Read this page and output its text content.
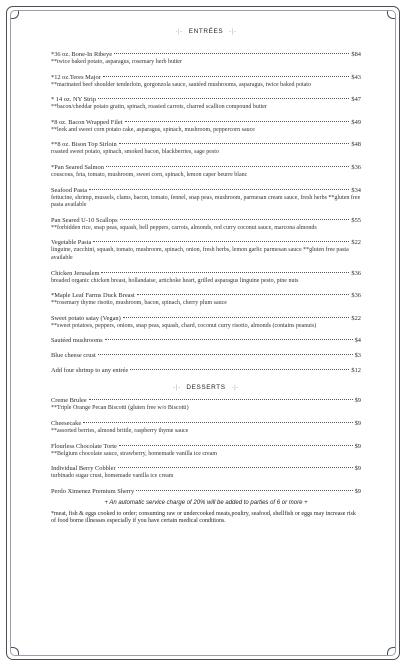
-|- ENTRÉES -|-
*36 oz. Bone-In Ribeye	$84
**twice baked potato, asparagus, rosemary herb butter
*12 oz.Teres Major	$43
**marinated beef shoulder tenderloin, gorgonzola sauce, sautéed mushrooms, asparagus, twice baked potato
* 14 oz. NY Strip	$47
**bacon/cheddar potato gratin, spinach, roasted carrots, charred scallion compound butter
*8 oz. Bacon Wrapped Filet	$49
**leek and sweet corn potato cake, asparagus, spinach, mushroom, peppercorn sauce
**8 oz. Bison Top Sirloin	$48
roasted sweet potato, spinach, smoked bacon, blackberries, sage pesto
*Pan Seared Salmon	$36
couscous, feta, tomato, mushroom, sweet corn, spinach, lemon caper beurre blanc
Seafood Pasta	$34
fettucine, shrimp, mussels, clams, bacon, tomato, fennel, snap peas, mushroom, parmesan cream sauce, fresh herbs **gluten free pasta available
Pan Seared U-10 Scallops	$55
**forbidden rice, snap peas, squash, bell peppers, carrots, almonds, red curry coconut sauce, marcona almonds
Vegetable Pasta	$22
linguine, zucchini, squash, tomato, mushroom, spinach, onion, fresh herbs, lemon garlic parmesan sauce **gluten free pasta available
Chicken Jerusalem	$36
breaded organic chicken breast, hollandaise, artichoke heart, grilled asparagus linguine pesto, pine nuts
*Maple Leaf Farms Duck Breast	$36
**rosemary thyme risotto, mushroom, bacon, spinach, cherry plum sauce
Sweet potato satay (Vegan)	$22
**sweet potatoes, peppers, onions, snap peas, squash, chard, coconut curry risotto, almonds (contains peanuts)
Sautéed mushrooms	$4
Blue cheese crust	$3
Add four shrimp to any entrée	$12
-|- DESSERTS -|-
Creme Brulee	$9
**Triple Orange Pecan Biscotti (gluten free w/o Biscotti)
Cheesecake	$9
**assorted berries, almond brittle, raspberry thyme sauce
Flourless Chocolate Torte	$9
**Belgium chocolate sauce, strawberry, homemade vanilla ice cream
Individual Berry Cobbler	$9
turbinado sugar crust, homemade vanilla ice cream
Perdo Ximenez Premium Sherry	$9
+ An automatic service charge of 20% will be added to parties of 6 or more +
*meat, fish & eggs cooked to order; consuming raw or undercooked meats,poultry, seafood, shellfish or eggs may increase risk of food borne illnesses especially if you have certain medical conditions.
